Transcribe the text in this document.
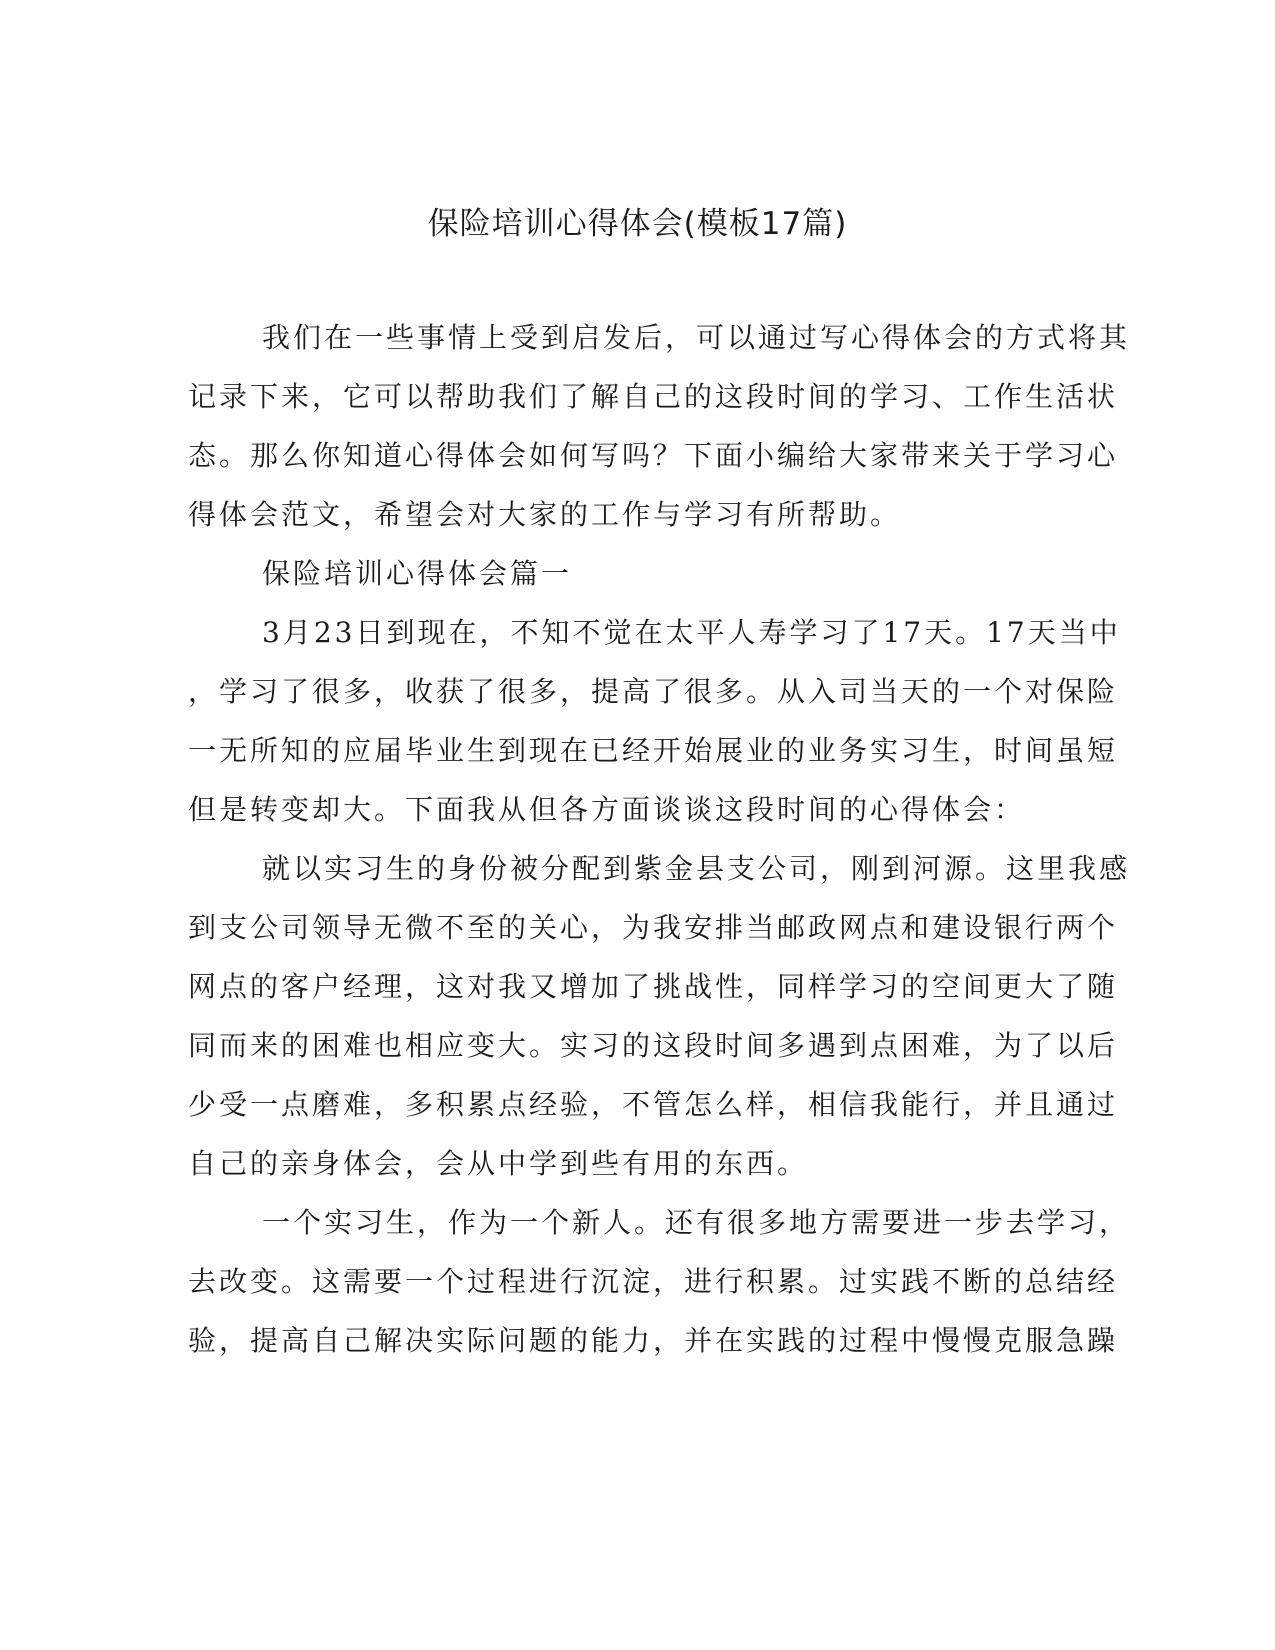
保险培训心得体会(模板17篇)

我们在一些事情上受到启发后，可以通过写心得体会的方式将其

记录下来，它可以帮助我们了解自己的这段时间的学习、工作生活状

态。那么你知道心得体会如何写吗？下面小编给大家带来关于学习心

得体会范文，希望会对大家的工作与学习有所帮助。

保险培训心得体会篇一

3月23日到现在，不知不觉在太平人寿学习了17天。17天当中

，学习了很多，收获了很多，提高了很多。从入司当天的一个对保险

一无所知的应届毕业生到现在已经开始展业的业务实习生，时间虽短

但是转变却大。下面我从但各方面谈谈这段时间的心得体会：

就以实习生的身份被分配到紫金县支公司，刚到河源。这里我感

到支公司领导无微不至的关心，为我安排当邮政网点和建设银行两个

网点的客户经理，这对我又增加了挑战性，同样学习的空间更大了随

同而来的困难也相应变大。实习的这段时间多遇到点困难，为了以后

少受一点磨难，多积累点经验，不管怎么样，相信我能行，并且通过

自己的亲身体会，会从中学到些有用的东西。

一个实习生，作为一个新人。还有很多地方需要进一步去学习，

去改变。这需要一个过程进行沉淀，进行积累。过实践不断的总结经

验，提高自己解决实际问题的能力，并在实践的过程中慢慢克服急躁
